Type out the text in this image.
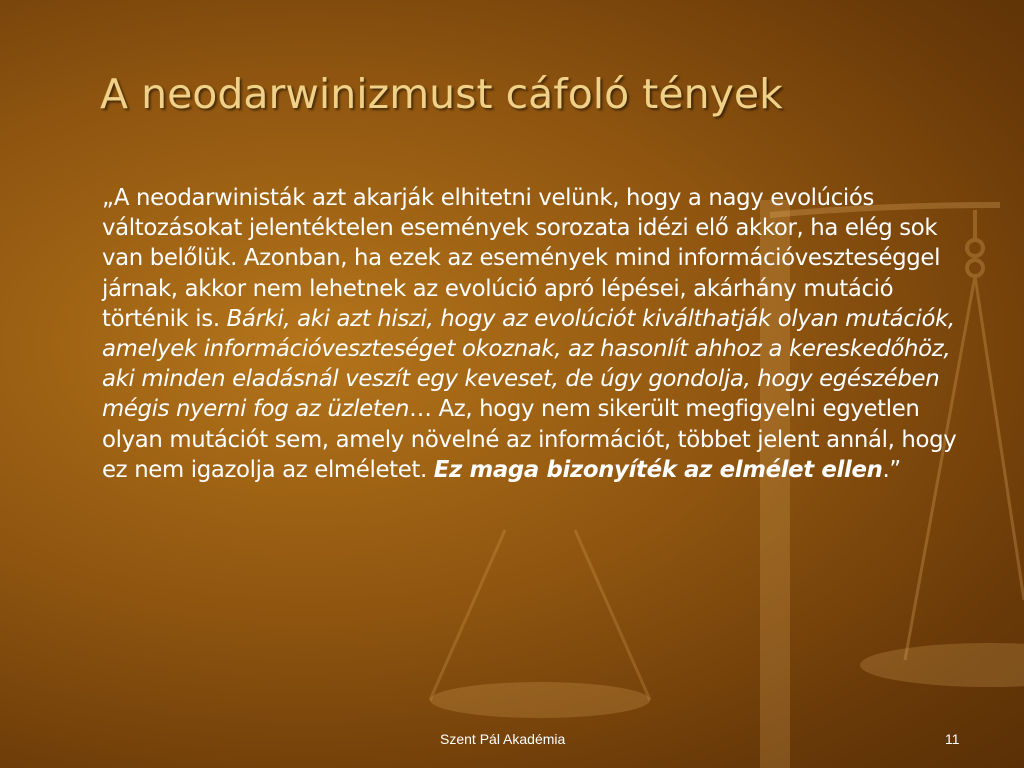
A neodarwinizmust cáfoló tények
„A neodarwinisták azt akarják elhitetni velünk, hogy a nagy evolúciós változásokat jelentéktelen események sorozata idézi elő akkor, ha elég sok van belőlük. Azonban, ha ezek az események mind információveszteséggel járnak, akkor nem lehetnek az evolúció apró lépései, akárhány mutáció történik is. Bárki, aki azt hiszi, hogy az evolúciót kiválthatják olyan mutációk, amelyek információveszteséget okoznak, az hasonlít ahhoz a kereskedőhöz, aki minden eladásnál veszít egy keveset, de úgy gondolja, hogy egészében mégis nyerni fog az üzleten… Az, hogy nem sikerült megfigyelni egyetlen olyan mutációt sem, amely növelné az információt, többet jelent annál, hogy ez nem igazolja az elméletet. Ez maga bizonyíték az elmélet ellen.”
Szent Pál Akadémia	11
